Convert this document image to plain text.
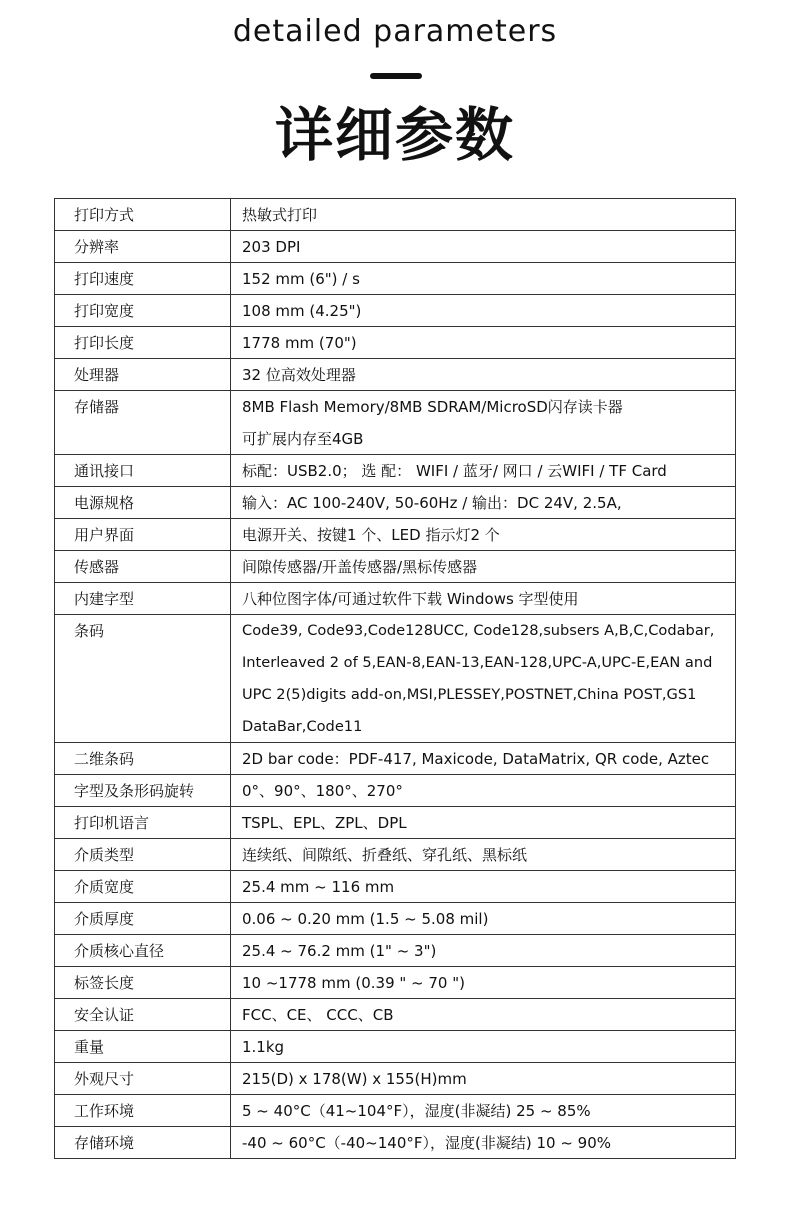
detailed parameters
详细参数
打印方式	热敏式打印

分辨率	203 DPI

打印速度	152 mm (6") / s

打印宽度	108 mm (4.25")

打印长度	1778 mm (70")

处理器	32 位高效处理器

存储器	8MB Flash Memory/8MB SDRAM/MicroSD闪存读卡器
可扩展内存至4GB

通讯接口	标配：USB2.0； 选 配： WIFI / 蓝牙/ 网口 / 云WIFI / TF Card

电源规格	输入：AC 100-240V, 50-60Hz / 输出：DC 24V, 2.5A,

用户界面	电源开关、按键1 个、LED 指示灯2 个

传感器	间隙传感器/开盖传感器/黑标传感器

内建字型	八种位图字体/可通过软件下载 Windows 字型使用

条码	Code39, Code93,Code128UCC, Code128,subsers A,B,C,Codabar,
Interleaved 2 of 5,EAN-8,EAN-13,EAN-128,UPC-A,UPC-E,EAN and
UPC 2(5)digits add-on,MSI,PLESSEY,POSTNET,China POST,GS1
DataBar,Code11

二维条码	2D bar code：PDF-417, Maxicode, DataMatrix, QR code, Aztec

字型及条形码旋转	0°、90°、180°、270°

打印机语言	TSPL、EPL、ZPL、DPL

介质类型	连续纸、间隙纸、折叠纸、穿孔纸、黑标纸

介质宽度	25.4 mm ~ 116 mm

介质厚度	0.06 ~ 0.20 mm (1.5 ~ 5.08 mil)

介质核心直径	25.4 ~ 76.2 mm (1" ~ 3")

标签长度	10 ~1778 mm (0.39 " ~ 70 ")

安全认证	FCC、CE、 CCC、CB

重量	1.1kg

外观尺寸	215(D) x 178(W) x 155(H)mm

工作环境	5 ~ 40°C（41~104°F），湿度(非凝结) 25 ~ 85%

存储环境	-40 ~ 60°C（-40~140°F），湿度(非凝结) 10 ~ 90%
